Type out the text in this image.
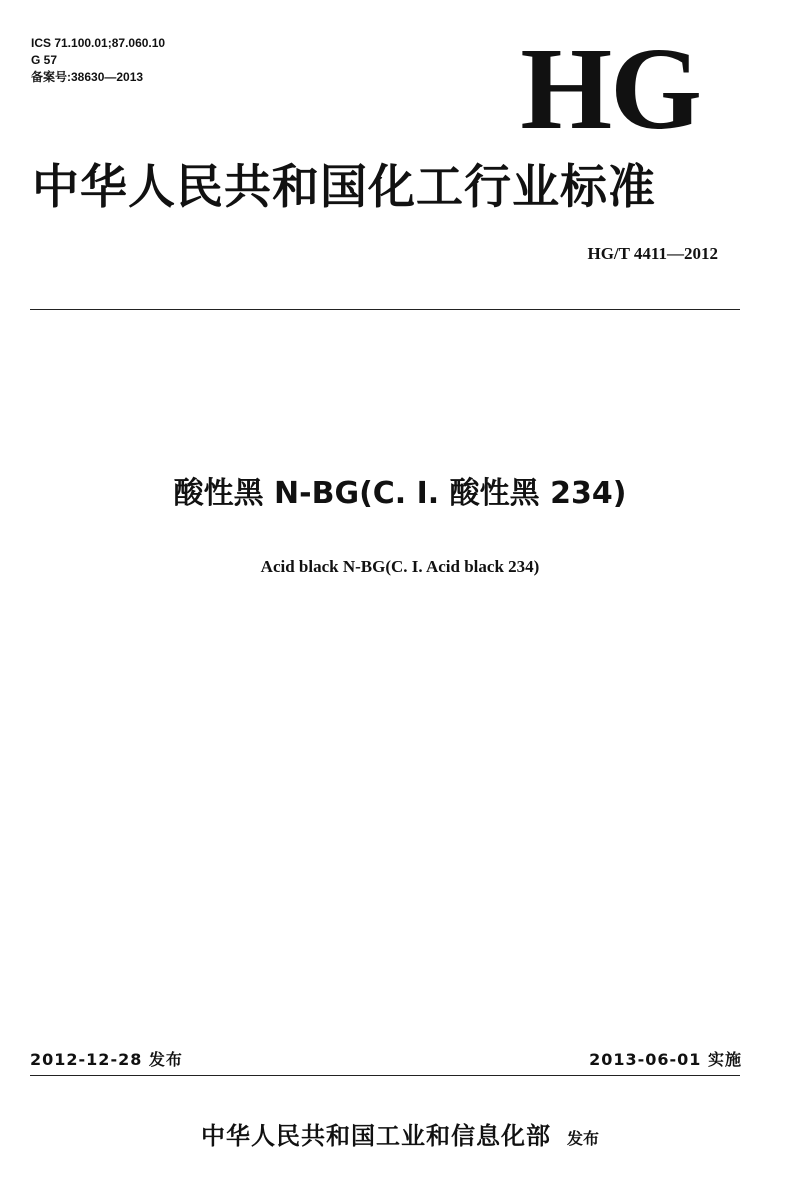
ICS 71.100.01;87.060.10
G 57
备案号:38630—2013	HG
中华人民共和国化工行业标准
HG/T 4411—2012
酸性黑 N-BG(C. I. 酸性黑 234)
Acid black N-BG(C. I. Acid black 234)
2012-12-28 发布	2013-06-01 实施
中华人民共和国工业和信息化部 发布
